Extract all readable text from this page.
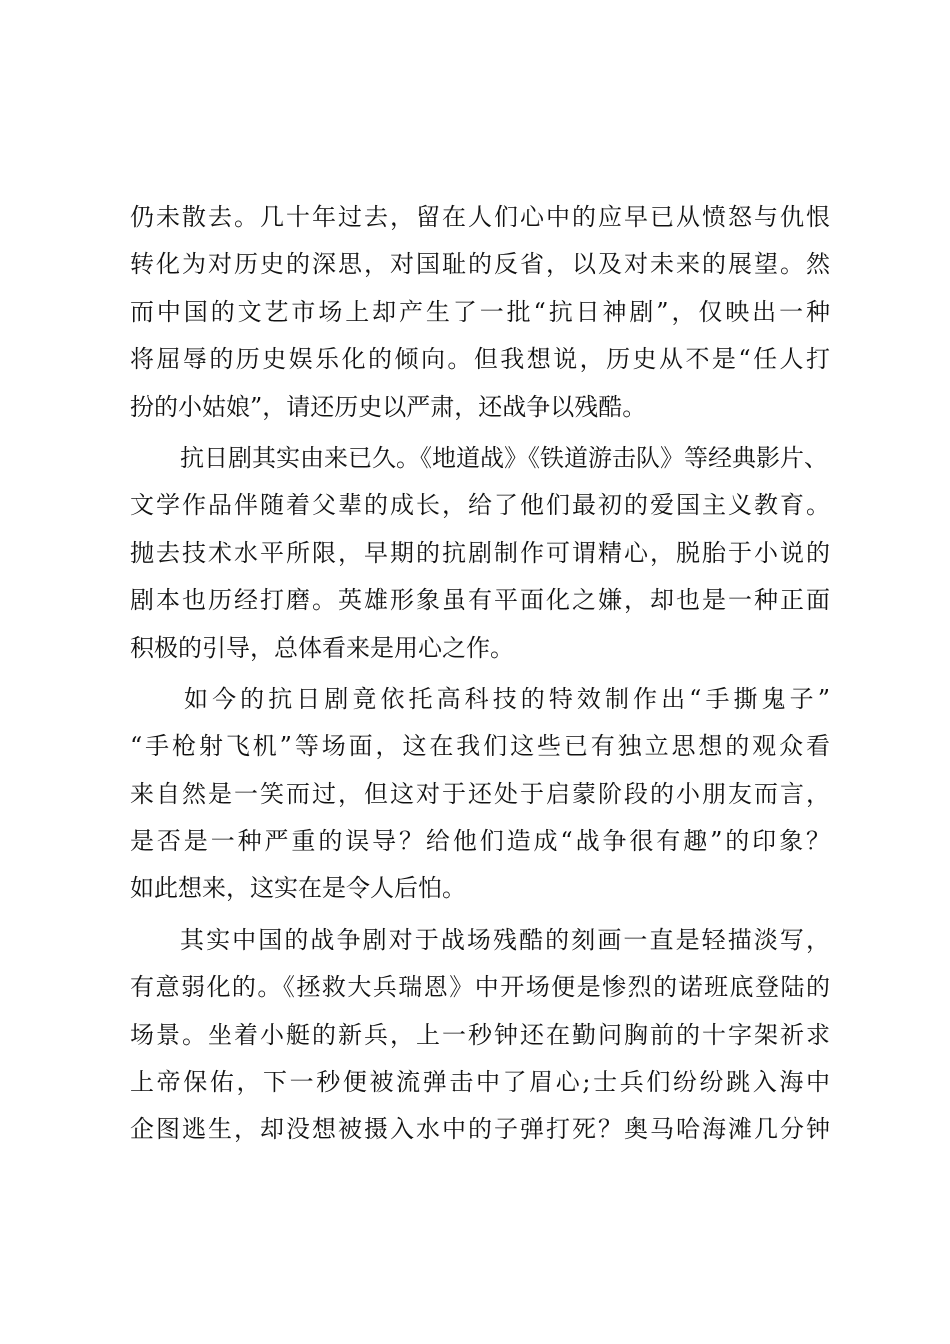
仍未散去。几十年过去，留在人们心中的应早已从愤怒与仇恨
转化为对历史的深思，对国耻的反省，以及对未来的展望。然
而中国的文艺市场上却产生了一批“抗日神剧”，仅映出一种
将屈辱的历史娱乐化的倾向。但我想说，历史从不是“任人打
扮的小姑娘”，请还历史以严肃，还战争以残酷。
抗日剧其实由来已久。《地道战》《铁道游击队》等经典影片、
文学作品伴随着父辈的成长，给了他们最初的爱国主义教育。
抛去技术水平所限，早期的抗剧制作可谓精心，脱胎于小说的
剧本也历经打磨。英雄形象虽有平面化之嫌，却也是一种正面
积极的引导，总体看来是用心之作。
如今的抗日剧竟依托高科技的特效制作出“手撕鬼子”
“手枪射飞机”等场面，这在我们这些已有独立思想的观众看
来自然是一笑而过，但这对于还处于启蒙阶段的小朋友而言，
是否是一种严重的误导？给他们造成“战争很有趣”的印象？
如此想来，这实在是令人后怕。
其实中国的战争剧对于战场残酷的刻画一直是轻描淡写，
有意弱化的。《拯救大兵瑞恩》中开场便是惨烈的诺班底登陆的
场景。坐着小艇的新兵，上一秒钟还在勤问胸前的十字架祈求
上帝保佑，下一秒便被流弹击中了眉心;士兵们纷纷跳入海中
企图逃生，却没想被摄入水中的子弹打死？奥马哈海滩几分钟
